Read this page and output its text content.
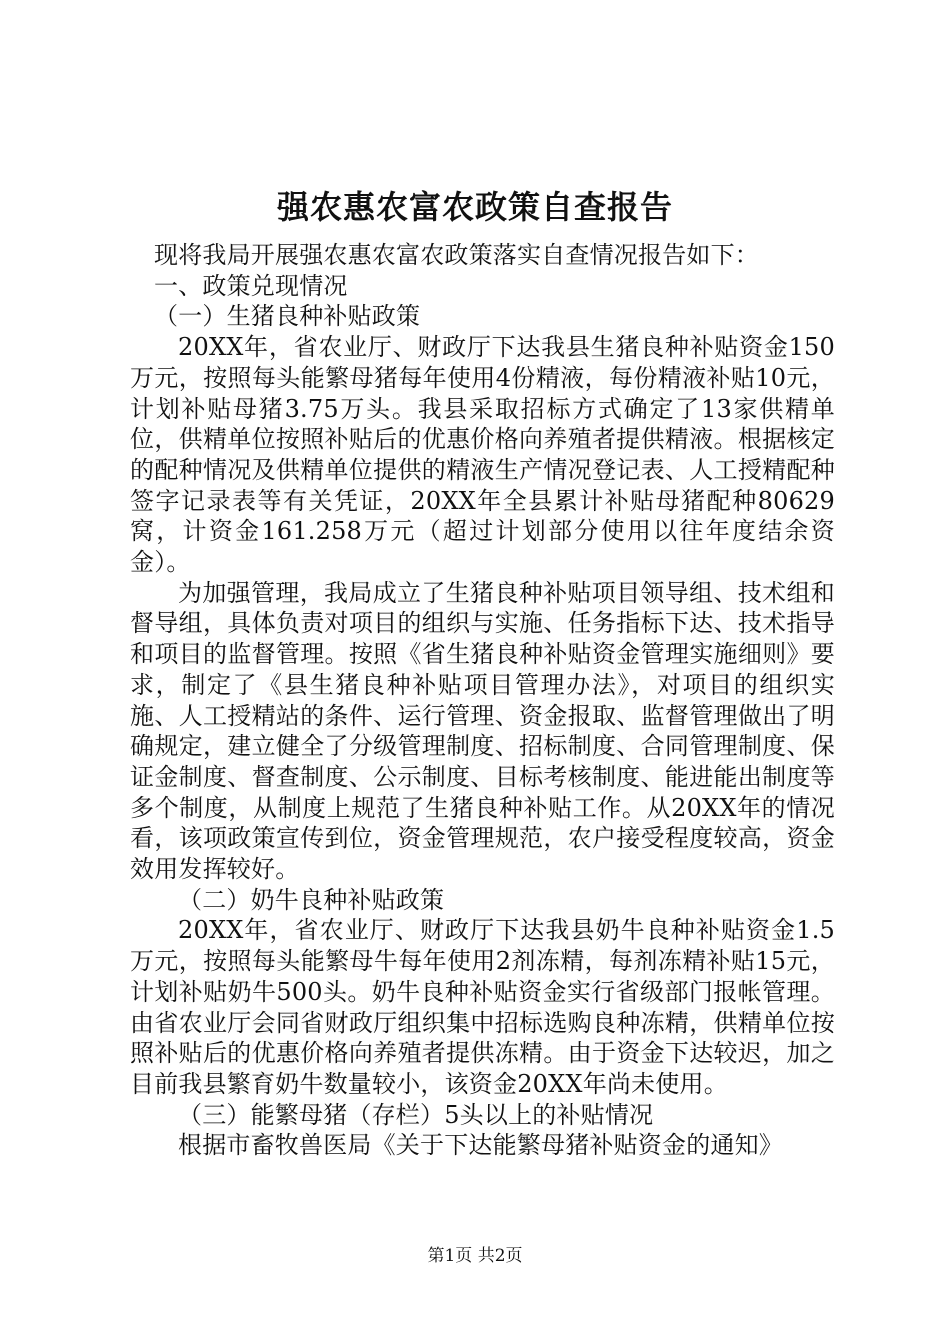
强农惠农富农政策自查报告

现将我局开展强农惠农富农政策落实自查情况报告如下：

一、政策兑现情况

（一）生猪良种补贴政策

20XX年，省农业厅、财政厅下达我县生猪良种补贴资金150万元，按照每头能繁母猪每年使用4份精液，每份精液补贴10元，计划补贴母猪3.75万头。我县采取招标方式确定了13家供精单位，供精单位按照补贴后的优惠价格向养殖者提供精液。根据核定的配种情况及供精单位提供的精液生产情况登记表、人工授精配种签字记录表等有关凭证，20XX年全县累计补贴母猪配种80629窝，计资金161.258万元（超过计划部分使用以往年度结余资金）。

为加强管理，我局成立了生猪良种补贴项目领导组、技术组和督导组，具体负责对项目的组织与实施、任务指标下达、技术指导和项目的监督管理。按照《省生猪良种补贴资金管理实施细则》要求，制定了《县生猪良种补贴项目管理办法》，对项目的组织实施、人工授精站的条件、运行管理、资金报取、监督管理做出了明确规定，建立健全了分级管理制度、招标制度、合同管理制度、保证金制度、督查制度、公示制度、目标考核制度、能进能出制度等多个制度，从制度上规范了生猪良种补贴工作。从20XX年的情况看，该项政策宣传到位，资金管理规范，农户接受程度较高，资金效用发挥较好。

（二）奶牛良种补贴政策

20XX年，省农业厅、财政厅下达我县奶牛良种补贴资金1.5万元，按照每头能繁母牛每年使用2剂冻精，每剂冻精补贴15元，计划补贴奶牛500头。奶牛良种补贴资金实行省级部门报帐管理。由省农业厅会同省财政厅组织集中招标选购良种冻精，供精单位按照补贴后的优惠价格向养殖者提供冻精。由于资金下达较迟，加之目前我县繁育奶牛数量较小，该资金20XX年尚未使用。

（三）能繁母猪（存栏）5头以上的补贴情况

根据市畜牧兽医局《关于下达能繁母猪补贴资金的通知》

第1页 共2页
